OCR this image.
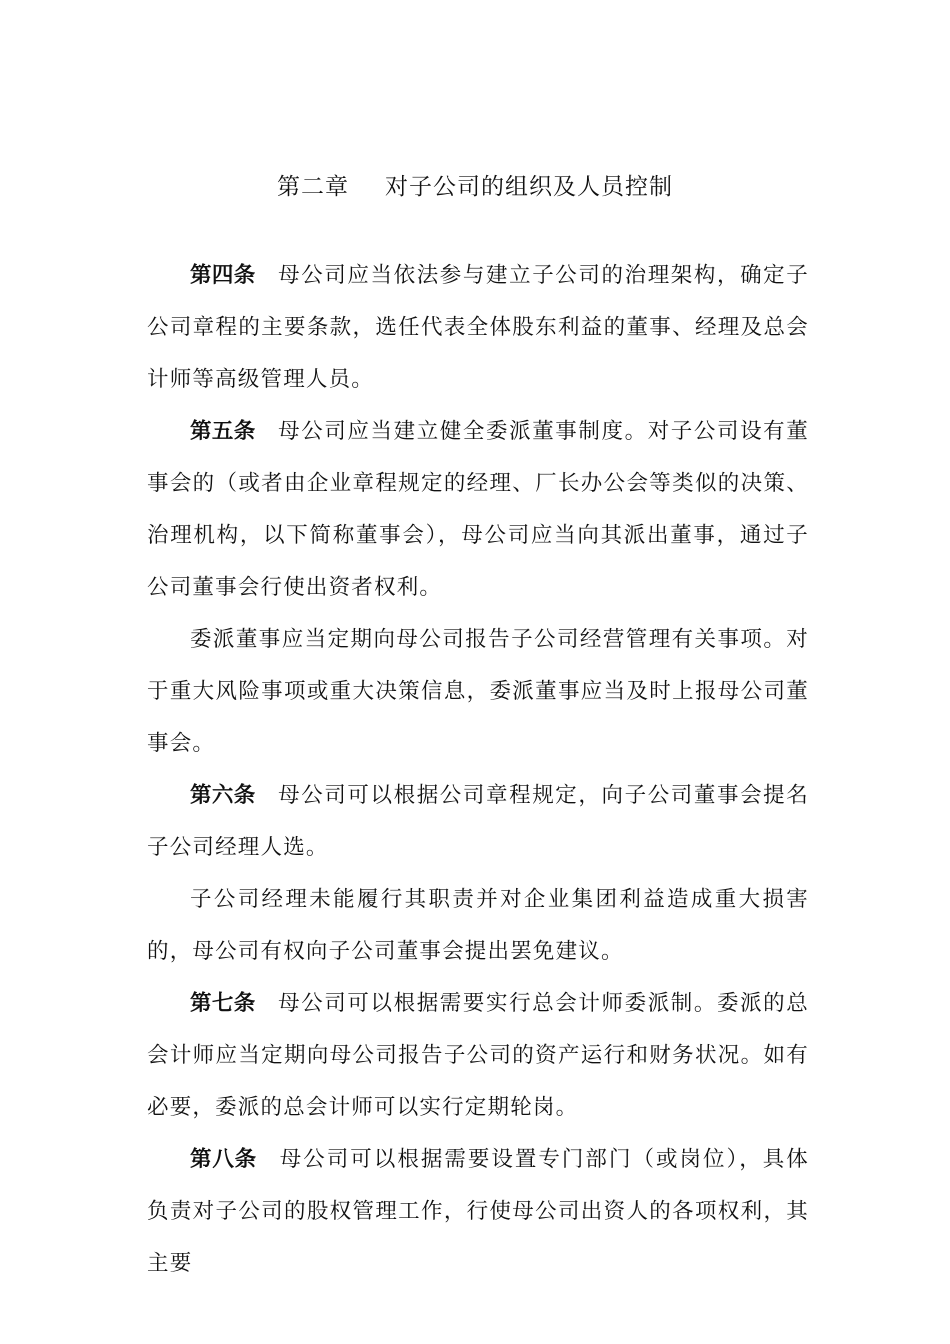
第二章 对子公司的组织及人员控制

第四条 母公司应当依法参与建立子公司的治理架构，确定子公司章程的主要条款，选任代表全体股东利益的董事、经理及总会计师等高级管理人员。

第五条 母公司应当建立健全委派董事制度。对子公司设有董事会的（或者由企业章程规定的经理、厂长办公会等类似的决策、治理机构，以下简称董事会），母公司应当向其派出董事，通过子公司董事会行使出资者权利。

委派董事应当定期向母公司报告子公司经营管理有关事项。对于重大风险事项或重大决策信息，委派董事应当及时上报母公司董事会。

第六条 母公司可以根据公司章程规定，向子公司董事会提名子公司经理人选。

子公司经理未能履行其职责并对企业集团利益造成重大损害的，母公司有权向子公司董事会提出罢免建议。

第七条 母公司可以根据需要实行总会计师委派制。委派的总会计师应当定期向母公司报告子公司的资产运行和财务状况。如有必要，委派的总会计师可以实行定期轮岗。

第八条 母公司可以根据需要设置专门部门（或岗位），具体负责对子公司的股权管理工作，行使母公司出资人的各项权利，其主要
